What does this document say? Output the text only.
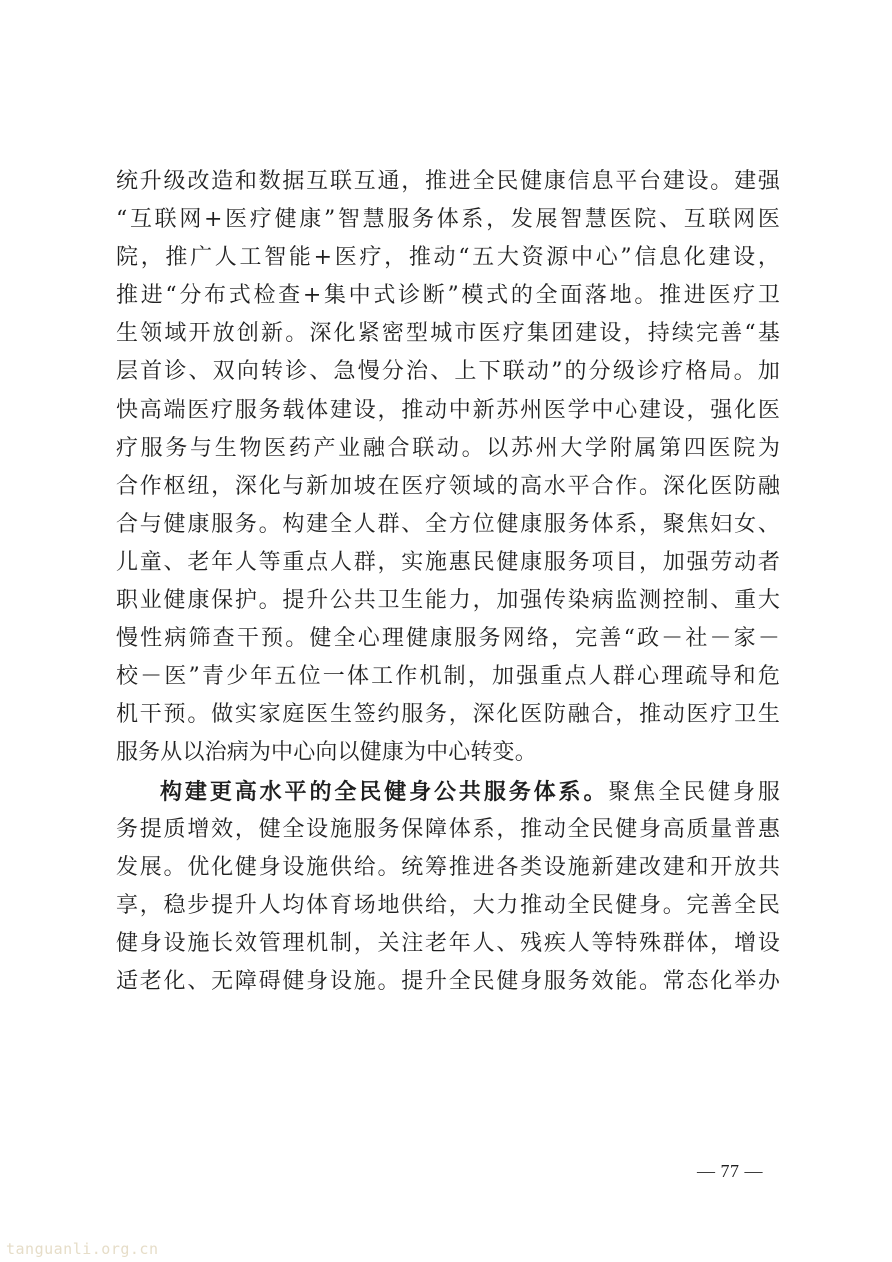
统升级改造和数据互联互通，推进全民健康信息平台建设。建强
“互联网+医疗健康”智慧服务体系，发展智慧医院、互联网医
院，推广人工智能+医疗，推动“五大资源中心”信息化建设，
推进“分布式检查+集中式诊断”模式的全面落地。推进医疗卫
生领域开放创新。深化紧密型城市医疗集团建设，持续完善“基
层首诊、双向转诊、急慢分治、上下联动”的分级诊疗格局。加
快高端医疗服务载体建设，推动中新苏州医学中心建设，强化医
疗服务与生物医药产业融合联动。以苏州大学附属第四医院为
合作枢纽，深化与新加坡在医疗领域的高水平合作。深化医防融
合与健康服务。构建全人群、全方位健康服务体系，聚焦妇女、
儿童、老年人等重点人群，实施惠民健康服务项目，加强劳动者
职业健康保护。提升公共卫生能力，加强传染病监测控制、重大
慢性病筛查干预。健全心理健康服务网络，完善“政－社－家－
校－医”青少年五位一体工作机制，加强重点人群心理疏导和危
机干预。做实家庭医生签约服务，深化医防融合，推动医疗卫生
服务从以治病为中心向以健康为中心转变。
构建更高水平的全民健身公共服务体系。聚焦全民健身服
务提质增效，健全设施服务保障体系，推动全民健身高质量普惠
发展。优化健身设施供给。统筹推进各类设施新建改建和开放共
享，稳步提升人均体育场地供给，大力推动全民健身。完善全民
健身设施长效管理机制，关注老年人、残疾人等特殊群体，增设
适老化、无障碍健身设施。提升全民健身服务效能。常态化举办
— 77 —
tanguanli.org.cn
